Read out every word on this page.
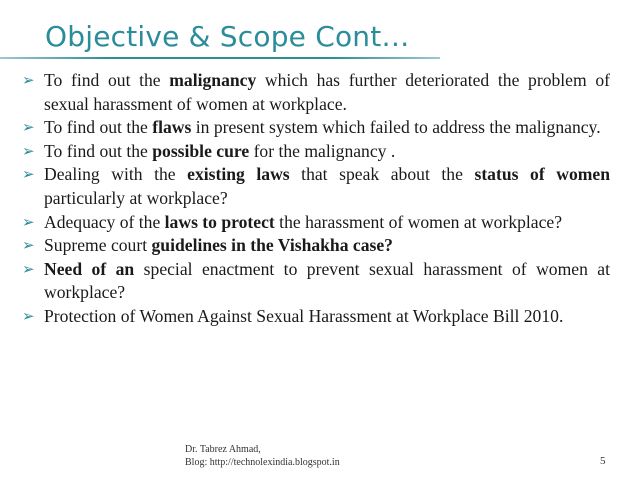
Objective & Scope Cont…
➢ To find out the malignancy which has further deteriorated the problem of sexual harassment of women at workplace.
➢ To find out the flaws in present system which failed to address the malignancy.
➢ To find out the possible cure for the malignancy .
➢ Dealing with the existing laws that speak about the status of women particularly at workplace?
➢ Adequacy of the laws to protect the harassment of women at workplace?
➢ Supreme court guidelines in the Vishakha case?
➢ Need of an special enactment to prevent sexual harassment of women at workplace?
➢ Protection of Women Against Sexual Harassment at Workplace Bill 2010.
Dr. Tabrez Ahmad,
Blog: http://technolexindia.blogspot.in	5
